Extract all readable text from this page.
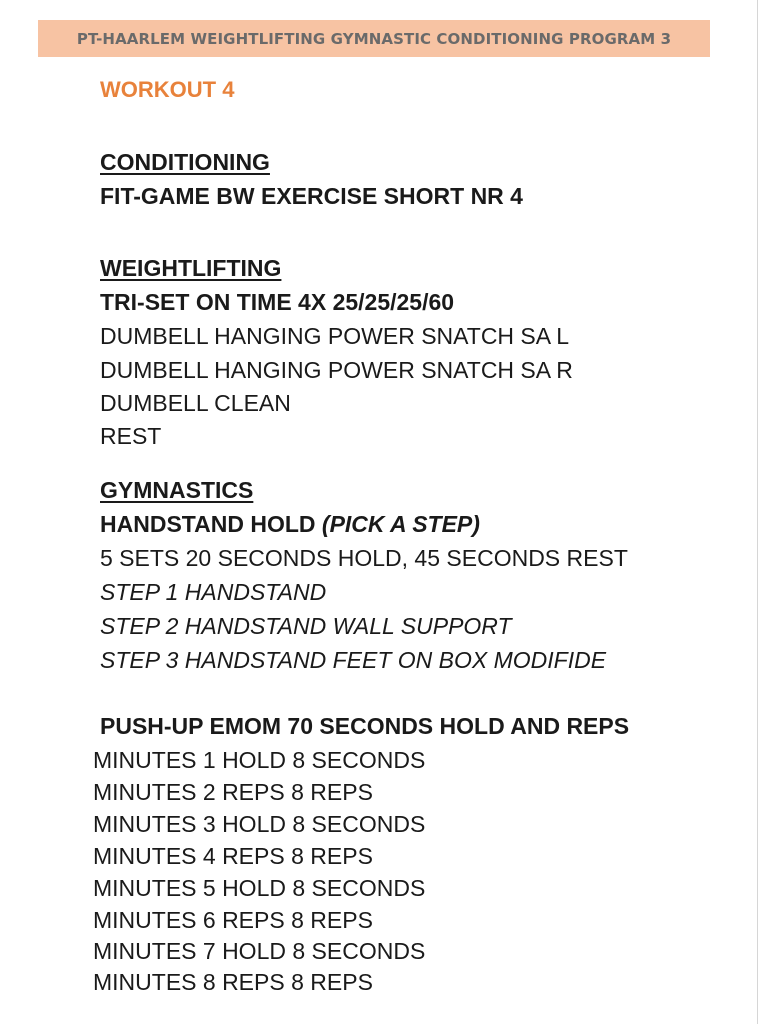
PT-HAARLEM WEIGHTLIFTING GYMNASTIC CONDITIONING PROGRAM 3
WORKOUT 4
CONDITIONING
FIT-GAME BW EXERCISE SHORT NR 4
WEIGHTLIFTING
TRI-SET ON TIME 4X 25/25/25/60
DUMBELL HANGING POWER SNATCH SA L
DUMBELL HANGING POWER SNATCH SA R
DUMBELL CLEAN
REST
GYMNASTICS
HANDSTAND HOLD (PICK A STEP)
5 SETS 20 SECONDS HOLD, 45 SECONDS REST
STEP 1 HANDSTAND
STEP 2 HANDSTAND WALL SUPPORT
STEP 3 HANDSTAND FEET ON BOX MODIFIDE
PUSH-UP EMOM 70 SECONDS HOLD AND REPS
MINUTES 1 HOLD 8 SECONDS
MINUTES 2 REPS 8 REPS
MINUTES 3 HOLD 8 SECONDS
MINUTES 4 REPS 8 REPS
MINUTES 5 HOLD 8 SECONDS
MINUTES 6 REPS 8 REPS
MINUTES 7 HOLD 8 SECONDS
MINUTES 8 REPS 8 REPS
